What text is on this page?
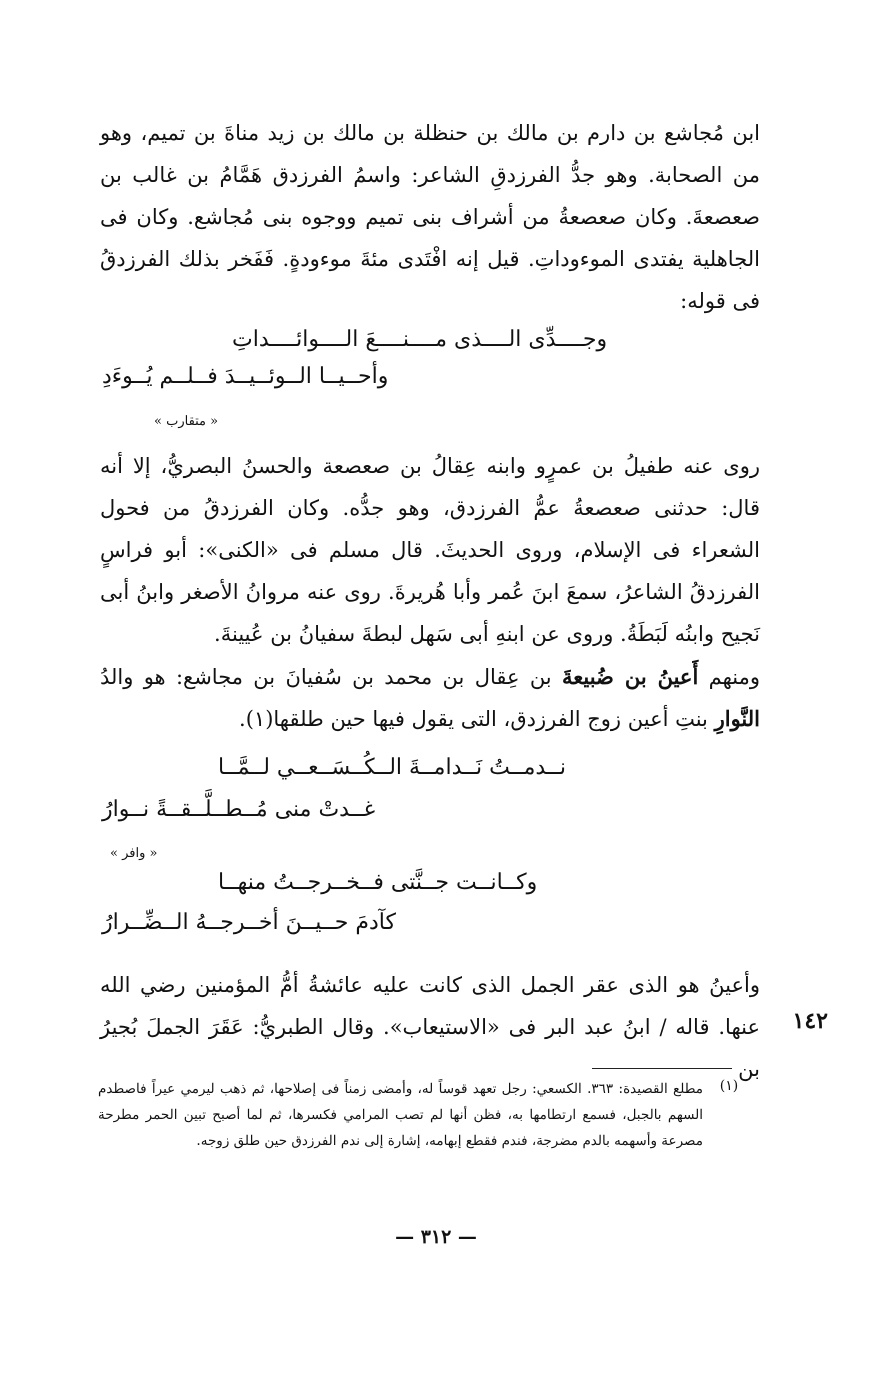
ابن مُجاشع بن دارم بن مالك بن حنظلة بن مالك بن زيد مناةَ بن تميم، وهو من الصحابة. وهو جدُّ الفرزدقِ الشاعر: واسمُ الفرزدق هَمَّامُ بن غالب بن صعصعةَ. وكان صعصعةُ من أشراف بنى تميم ووجوه بنى مُجاشع. وكان فى الجاهلية يفتدى الموءوداتِ. قيل إنه افْتَدى مئةَ موءودةٍ. فَفَخر بذلك الفرزدقُ فى قوله:
وجــــدِّى الــــذى مــــنــــعَ الــــوائــــداتِ
وأحــيــا الــوئــيــدَ فــلــم يُــوءَدِ
« متقارب »
روى عنه طفيلُ بن عمرٍو وابنه عِقالُ بن صعصعة والحسنُ البصريُّ، إلا أنه قال: حدثنى صعصعةُ عمُّ الفرزدق، وهو جدُّه. وكان الفرزدقُ من فحول الشعراء فى الإسلام، وروى الحديثَ. قال مسلم فى «الكنى»: أبو فراسٍ الفرزدقُ الشاعرُ، سمعَ ابنَ عُمر وأبا هُريرةَ. روى عنه مروانُ الأصغر وابنُ أبى نَجيح وابنُه لَبَطَةُ. وروى عن ابنهِ أبى سَهل لبطةَ سفيانُ بن عُيينةَ.
ومنهم أَعينُ بن ضُبيعةَ بن عِقال بن محمد بن سُفيانَ بن مجاشع: هو والدُ النَّوارِ بنتِ أعين زوج الفرزدق، التى يقول فيها حين طلقها(١).
نــدمــتُ نَــدامــةَ الــكُــسَــعــي لــمَّــا
غــدتْ منى مُــطــلَّــقــةً نــوارُ
« وافر »
وكــانــت جــنَّتى فــخــرجــتُ منهــا
كآدمَ حــيــنَ أخــرجــهُ الــضِّــرارُ
وأعينُ هو الذى عقر الجمل الذى كانت عليه عائشةُ أمُّ المؤمنين رضي الله عنها. قاله / ابنُ عبد البر فى «الاستيعاب». وقال الطبريُّ: عَقَرَ الجملَ بُجيرُ بن
١٤٢
(١)
مطلع القصيدة: ٣٦٣. الكسعي: رجل تعهد قوساً له، وأمضى زمناً فى إصلاحها، ثم ذهب ليرمي عيراً فاصطدم السهم بالجبل، فسمع ارتطامها به، فظن أنها لم تصب المرامي فكسرها، ثم لما أصبح تبين الحمر مطرحة مصرعة وأسهمه بالدم مضرجة، فندم فقطع إبهامه، إشارة إلى ندم الفرزدق حين طلق زوجه.
— ٣١٢ —
